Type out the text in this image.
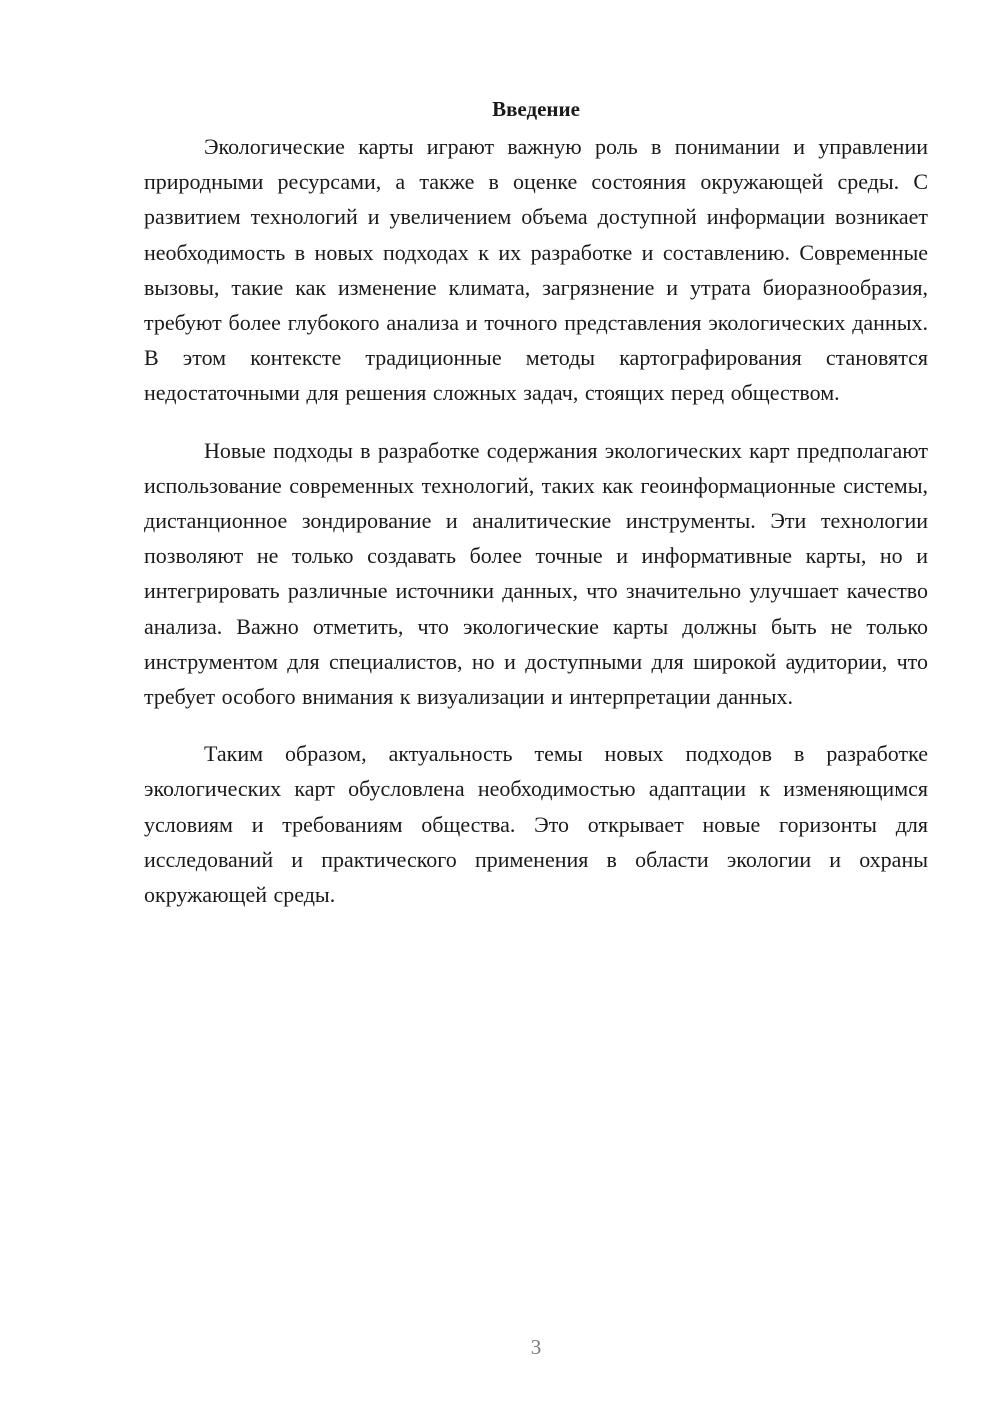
Введение

Экологические карты играют важную роль в понимании и управлении природными ресурсами, а также в оценке состояния окружающей среды. С развитием технологий и увеличением объема доступной информации возникает необходимость в новых подходах к их разработке и составлению. Современные вызовы, такие как изменение климата, загрязнение и утрата биоразнообразия, требуют более глубокого анализа и точного представления экологических данных. В этом контексте традиционные методы картографирования становятся недостаточными для решения сложных задач, стоящих перед обществом.

Новые подходы в разработке содержания экологических карт предполагают использование современных технологий, таких как геоинформационные системы, дистанционное зондирование и аналитические инструменты. Эти технологии позволяют не только создавать более точные и информативные карты, но и интегрировать различные источники данных, что значительно улучшает качество анализа. Важно отметить, что экологические карты должны быть не только инструментом для специалистов, но и доступными для широкой аудитории, что требует особого внимания к визуализации и интерпретации данных.

Таким образом, актуальность темы новых подходов в разработке экологических карт обусловлена необходимостью адаптации к изменяющимся условиям и требованиям общества. Это открывает новые горизонты для исследований и практического применения в области экологии и охраны окружающей среды.

3
